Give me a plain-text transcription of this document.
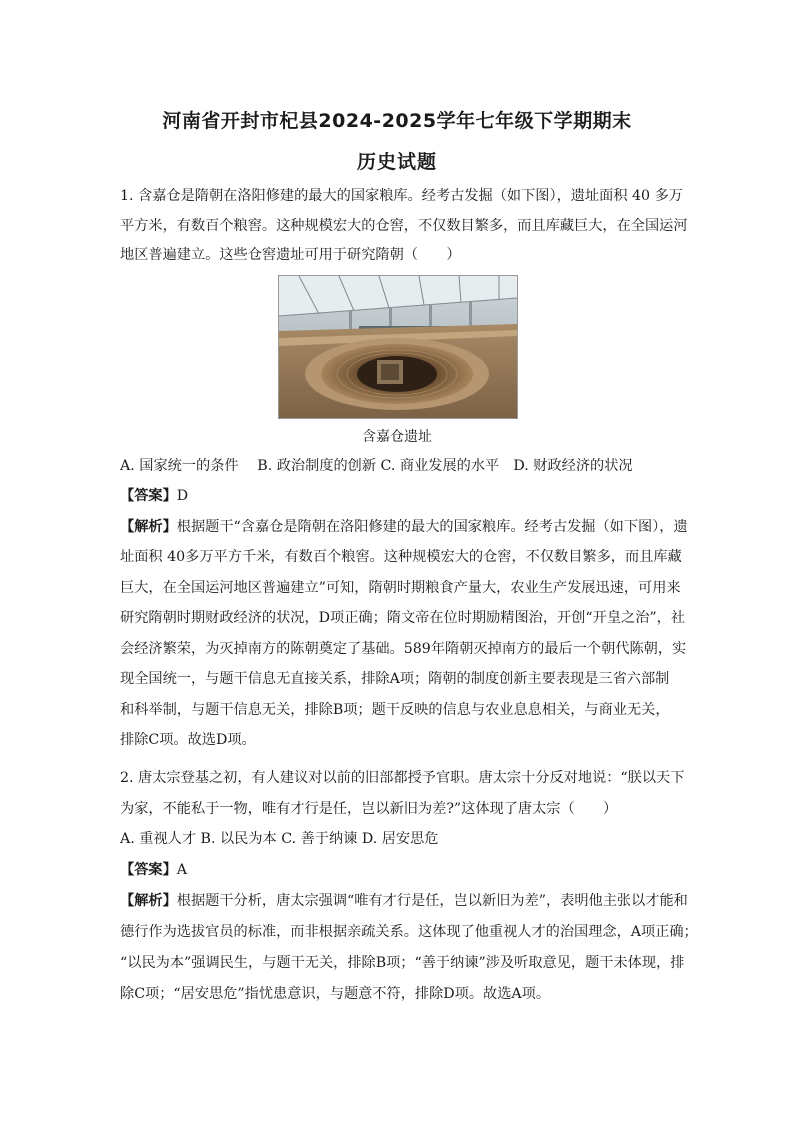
河南省开封市杞县2024-2025学年七年级下学期期末
历史试题
1. 含嘉仓是隋朝在洛阳修建的最大的国家粮库。经考古发掘（如下图），遗址面积 40 多万
平方米，有数百个粮窖。这种规模宏大的仓窖，不仅数目繁多，而且库藏巨大，在全国运河
地区普遍建立。这些仓窖遗址可用于研究隋朝（　　）
含嘉仓遗址
A. 国家统一的条件　 B. 政治制度的创新 C. 商业发展的水平　D. 财政经济的状况
【答案】D
【解析】根据题干“含嘉仓是隋朝在洛阳修建的最大的国家粮库。经考古发掘（如下图），遗
址面积 40多万平方千米，有数百个粮窖。这种规模宏大的仓窖，不仅数目繁多，而且库藏
巨大，在全国运河地区普遍建立”可知，隋朝时期粮食产量大，农业生产发展迅速，可用来
研究隋朝时期财政经济的状况，D项正确；隋文帝在位时期励精图治，开创“开皇之治”，社
会经济繁荣，为灭掉南方的陈朝奠定了基础。589年隋朝灭掉南方的最后一个朝代陈朝，实
现全国统一，与题干信息无直接关系，排除A项；隋朝的制度创新主要表现是三省六部制
和科举制，与题干信息无关，排除B项；题干反映的信息与农业息息相关，与商业无关，
排除C项。故选D项。
2. 唐太宗登基之初，有人建议对以前的旧部都授予官职。唐太宗十分反对地说：“朕以天下
为家，不能私于一物，唯有才行是任，岂以新旧为差?”这体现了唐太宗（　　）
A. 重视人才 B. 以民为本 C. 善于纳谏 D. 居安思危
【答案】A
【解析】根据题干分析，唐太宗强调“唯有才行是任，岂以新旧为差”，表明他主张以才能和
德行作为选拔官员的标准，而非根据亲疏关系。这体现了他重视人才的治国理念，A项正确；
“以民为本”强调民生，与题干无关，排除B项；“善于纳谏”涉及听取意见，题干未体现，排
除C项；“居安思危”指忧患意识，与题意不符，排除D项。故选A项。
